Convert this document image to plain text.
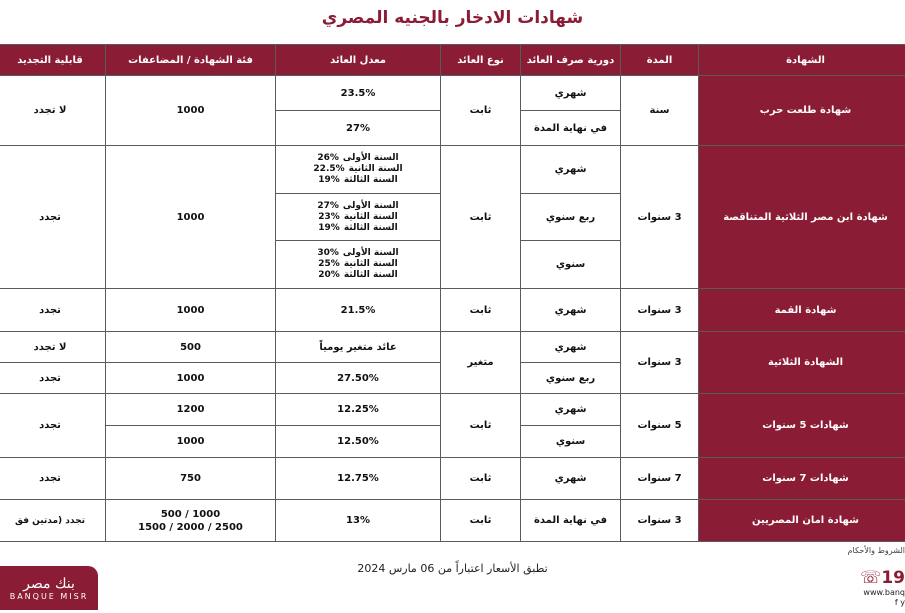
شهادات الادخار بالجنيه المصري
الشهادة
المدة
دورية صرف العائد
نوع العائد
معدل العائد
فئة الشهادة / المضاعفات
قابلية التجديد
شهادة طلعت حرب
سنة
شهري
في نهاية المدة
ثابت
23.5%
27%
1000
لا تجدد
شهادة ابن مصر الثلاثية المتناقصة
3 سنوات
شهري
ربع سنوي
سنوي
ثابت
السنة الأولى
26%
السنة الثانية
22.5%
السنة الثالثة
19%
السنة الأولى
27%
السنة الثانية
23%
السنة الثالثة
19%
السنة الأولى
30%
السنة الثانية
25%
السنة الثالثة
20%
1000
تجدد
شهادة القمة
3 سنوات
شهري
ثابت
21.5%
1000
تجدد
الشهادة الثلاثية
3 سنوات
شهري
ربع سنوي
متغير
عائد متغير يومياً
27.50%
500
1000
لا تجدد
تجدد
شهادات 5 سنوات
5 سنوات
شهري
سنوي
ثابت
12.25%
12.50%
1200
1000
تجدد
شهادات 7 سنوات
7 سنوات
شهري
ثابت
12.75%
750
تجدد
شهادة امان المصريين
3 سنوات
في نهاية المدة
ثابت
13%
1000 / 500
2500 / 2000 / 1500
تجدد (مدتين فق
تطبق الأسعار اعتباراً من 06 مارس 2024
بنك مصر
BANQUE MISR
الشروط والأحكام
☏19
www.banq
f y
